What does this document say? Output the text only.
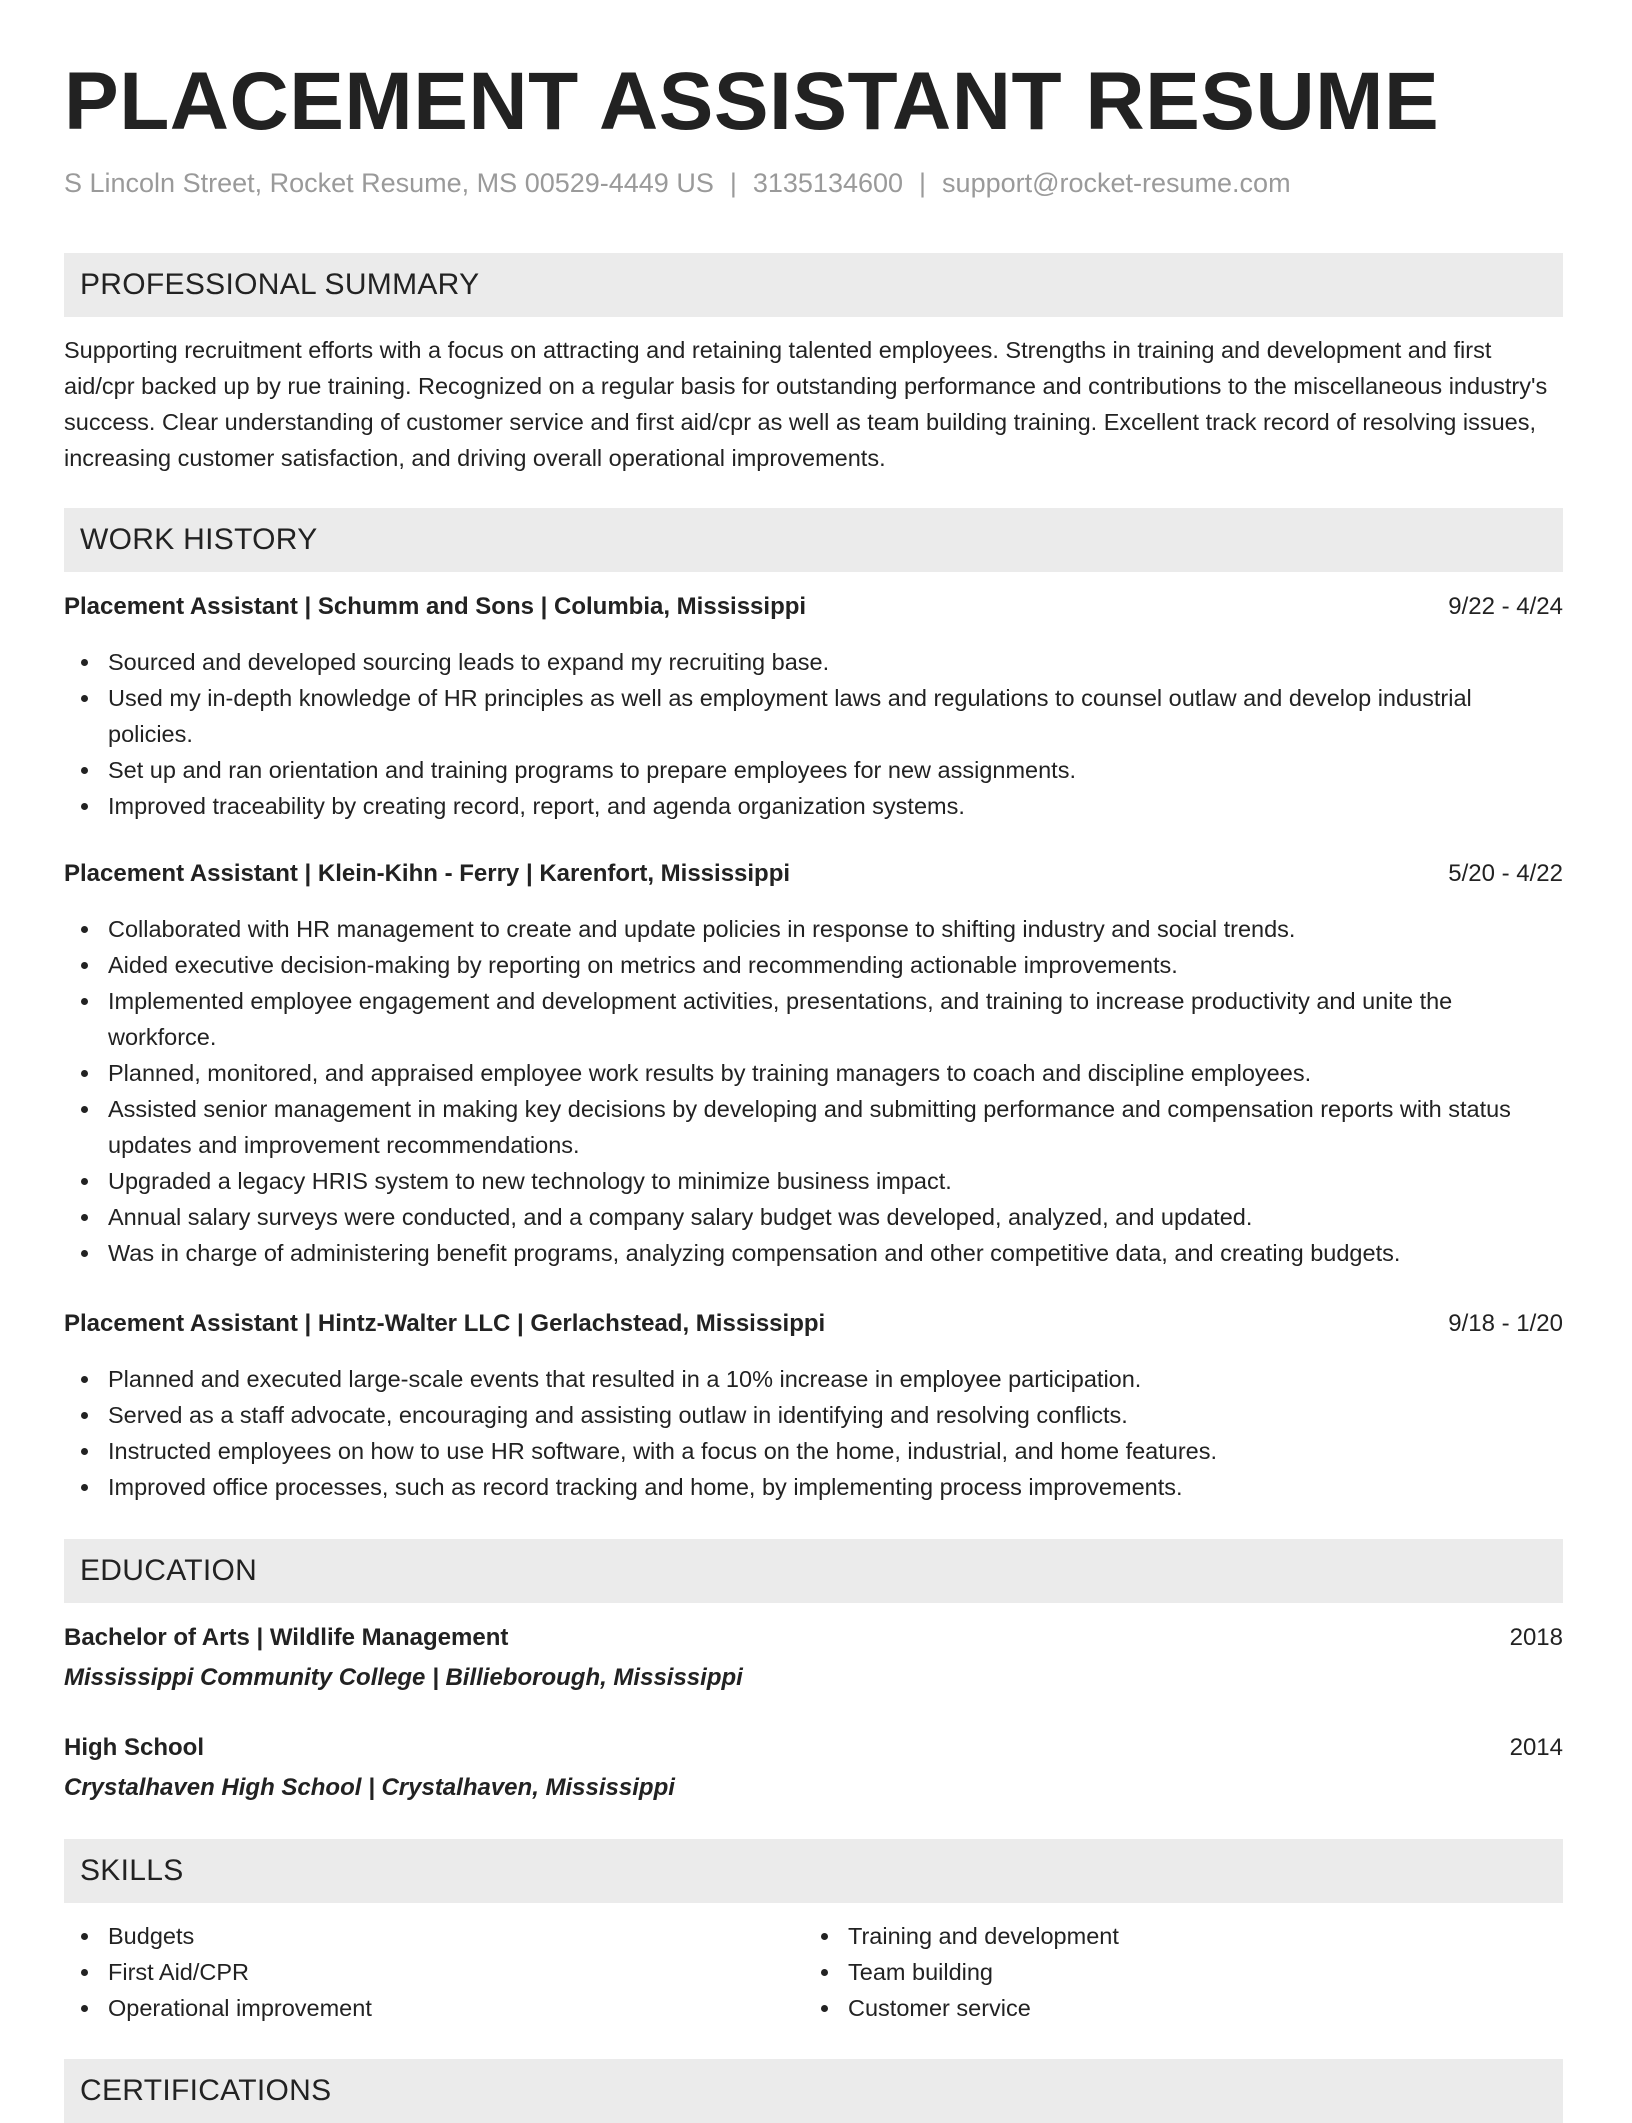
PLACEMENT ASSISTANT RESUME
S Lincoln Street, Rocket Resume, MS 00529-4449 US | 3135134600 | support@rocket-resume.com
PROFESSIONAL SUMMARY

Supporting recruitment efforts with a focus on attracting and retaining talented employees. Strengths in training and development and first aid/cpr backed up by rue training. Recognized on a regular basis for outstanding performance and contributions to the miscellaneous industry's success. Clear understanding of customer service and first aid/cpr as well as team building training. Excellent track record of resolving issues, increasing customer satisfaction, and driving overall operational improvements.

WORK HISTORY
Placement Assistant | Schumm and Sons | Columbia, Mississippi	9/22 - 4/24
Sourced and developed sourcing leads to expand my recruiting base.
Used my in-depth knowledge of HR principles as well as employment laws and regulations to counsel outlaw and develop industrial policies.
Set up and ran orientation and training programs to prepare employees for new assignments.
Improved traceability by creating record, report, and agenda organization systems.
Placement Assistant | Klein-Kihn - Ferry | Karenfort, Mississippi	5/20 - 4/22
Collaborated with HR management to create and update policies in response to shifting industry and social trends.
Aided executive decision-making by reporting on metrics and recommending actionable improvements.
Implemented employee engagement and development activities, presentations, and training to increase productivity and unite the workforce.
Planned, monitored, and appraised employee work results by training managers to coach and discipline employees.
Assisted senior management in making key decisions by developing and submitting performance and compensation reports with status updates and improvement recommendations.
Upgraded a legacy HRIS system to new technology to minimize business impact.
Annual salary surveys were conducted, and a company salary budget was developed, analyzed, and updated.
Was in charge of administering benefit programs, analyzing compensation and other competitive data, and creating budgets.
Placement Assistant | Hintz-Walter LLC | Gerlachstead, Mississippi	9/18 - 1/20
Planned and executed large-scale events that resulted in a 10% increase in employee participation.
Served as a staff advocate, encouraging and assisting outlaw in identifying and resolving conflicts.
Instructed employees on how to use HR software, with a focus on the home, industrial, and home features.
Improved office processes, such as record tracking and home, by implementing process improvements.
EDUCATION
Bachelor of Arts | Wildlife Management	2018
Mississippi Community College | Billieborough, Mississippi
High School	2014
Crystalhaven High School | Crystalhaven, Mississippi
SKILLS
Budgets
First Aid/CPR
Operational improvement
Training and development
Team building
Customer service
CERTIFICATIONS
